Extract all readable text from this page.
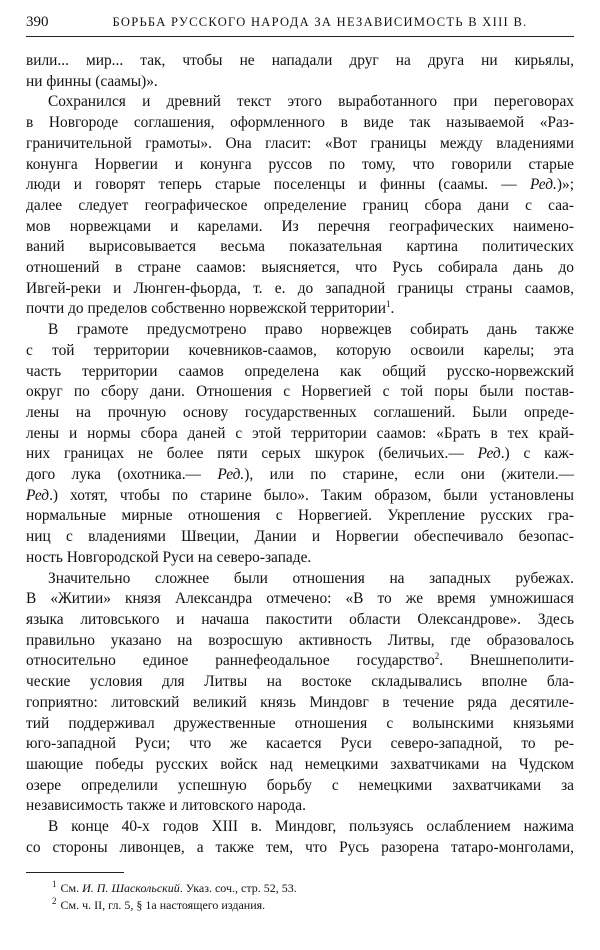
390	БОРЬБА РУССКОГО НАРОДА ЗА НЕЗАВИСИМОСТЬ В XIII В.

вили... мир... так, чтобы не нападали друг на друга ни кирьялы,
ни финны (саамы)».

Сохранился и древний текст этого выработанного при переговорах
в Новгороде соглашения, оформленного в виде так называемой «Раз-
граничительной грамоты». Она гласит: «Вот границы между владениями
конунга Норвегии и конунга руссов по тому, что говорили старые
люди и говорят теперь старые поселенцы и финны (саамы. — Ред.)»;
далее следует географическое определение границ сбора дани с саа-
мов норвежцами и карелами. Из перечня географических наимено-
ваний вырисовывается весьма показательная картина политических
отношений в стране саамов: выясняется, что Русь собирала дань до
Ивгей-реки и Люнген-фьорда, т. е. до западной границы страны саамов,
почти до пределов собственно норвежской территории$^1$.

В грамоте предусмотрено право норвежцев собирать дань также
с той территории кочевников-саамов, которую освоили карелы; эта
часть территории саамов определена как общий русско-норвежский
округ по сбору дани. Отношения с Норвегией с той поры были постав-
лены на прочную основу государственных соглашений. Были опреде-
лены и нормы сбора даней с этой территории саамов: «Брать в тех край-
них границах не более пяти серых шкурок (беличьих.— Ред.) с каж-
дого лука (охотника.— Ред.), или по старине, если они (жители.—
Ред.) хотят, чтобы по старине было». Таким образом, были установлены
нормальные мирные отношения с Норвегией. Укрепление русских гра-
ниц с владениями Швеции, Дании и Норвегии обеспечивало безопас-
ность Новгородской Руси на северо-западе.

Значительно сложнее были отношения на западных рубежах.
В «Житии» князя Александра отмечено: «В то же время умножишася
языка литовського и начаша пакостити области Олександрове». Здесь
правильно указано на возросшую активность Литвы, где образовалось
относительно единое раннефеодальное государство$^2$. Внешнеполити-
ческие условия для Литвы на востоке складывались вполне бла-
гоприятно: литовский великий князь Миндовг в течение ряда десятиле-
тий поддерживал дружественные отношения с волынскими князьями
юго-западной Руси; что же касается Руси северо-западной, то ре-
шающие победы русских войск над немецкими захватчиками на Чудском
озере определили успешную борьбу с немецкими захватчиками за
независимость также и литовского народа.

В конце 40-х годов XIII в. Миндовг, пользуясь ослаблением нажима
со стороны ливонцев, а также тем, что Русь разорена татаро-монголами,

$^1$ См. И. П. Шаскольский. Указ. соч., стр. 52, 53.
$^2$ См. ч. II, гл. 5, § 1а настоящего издания.
